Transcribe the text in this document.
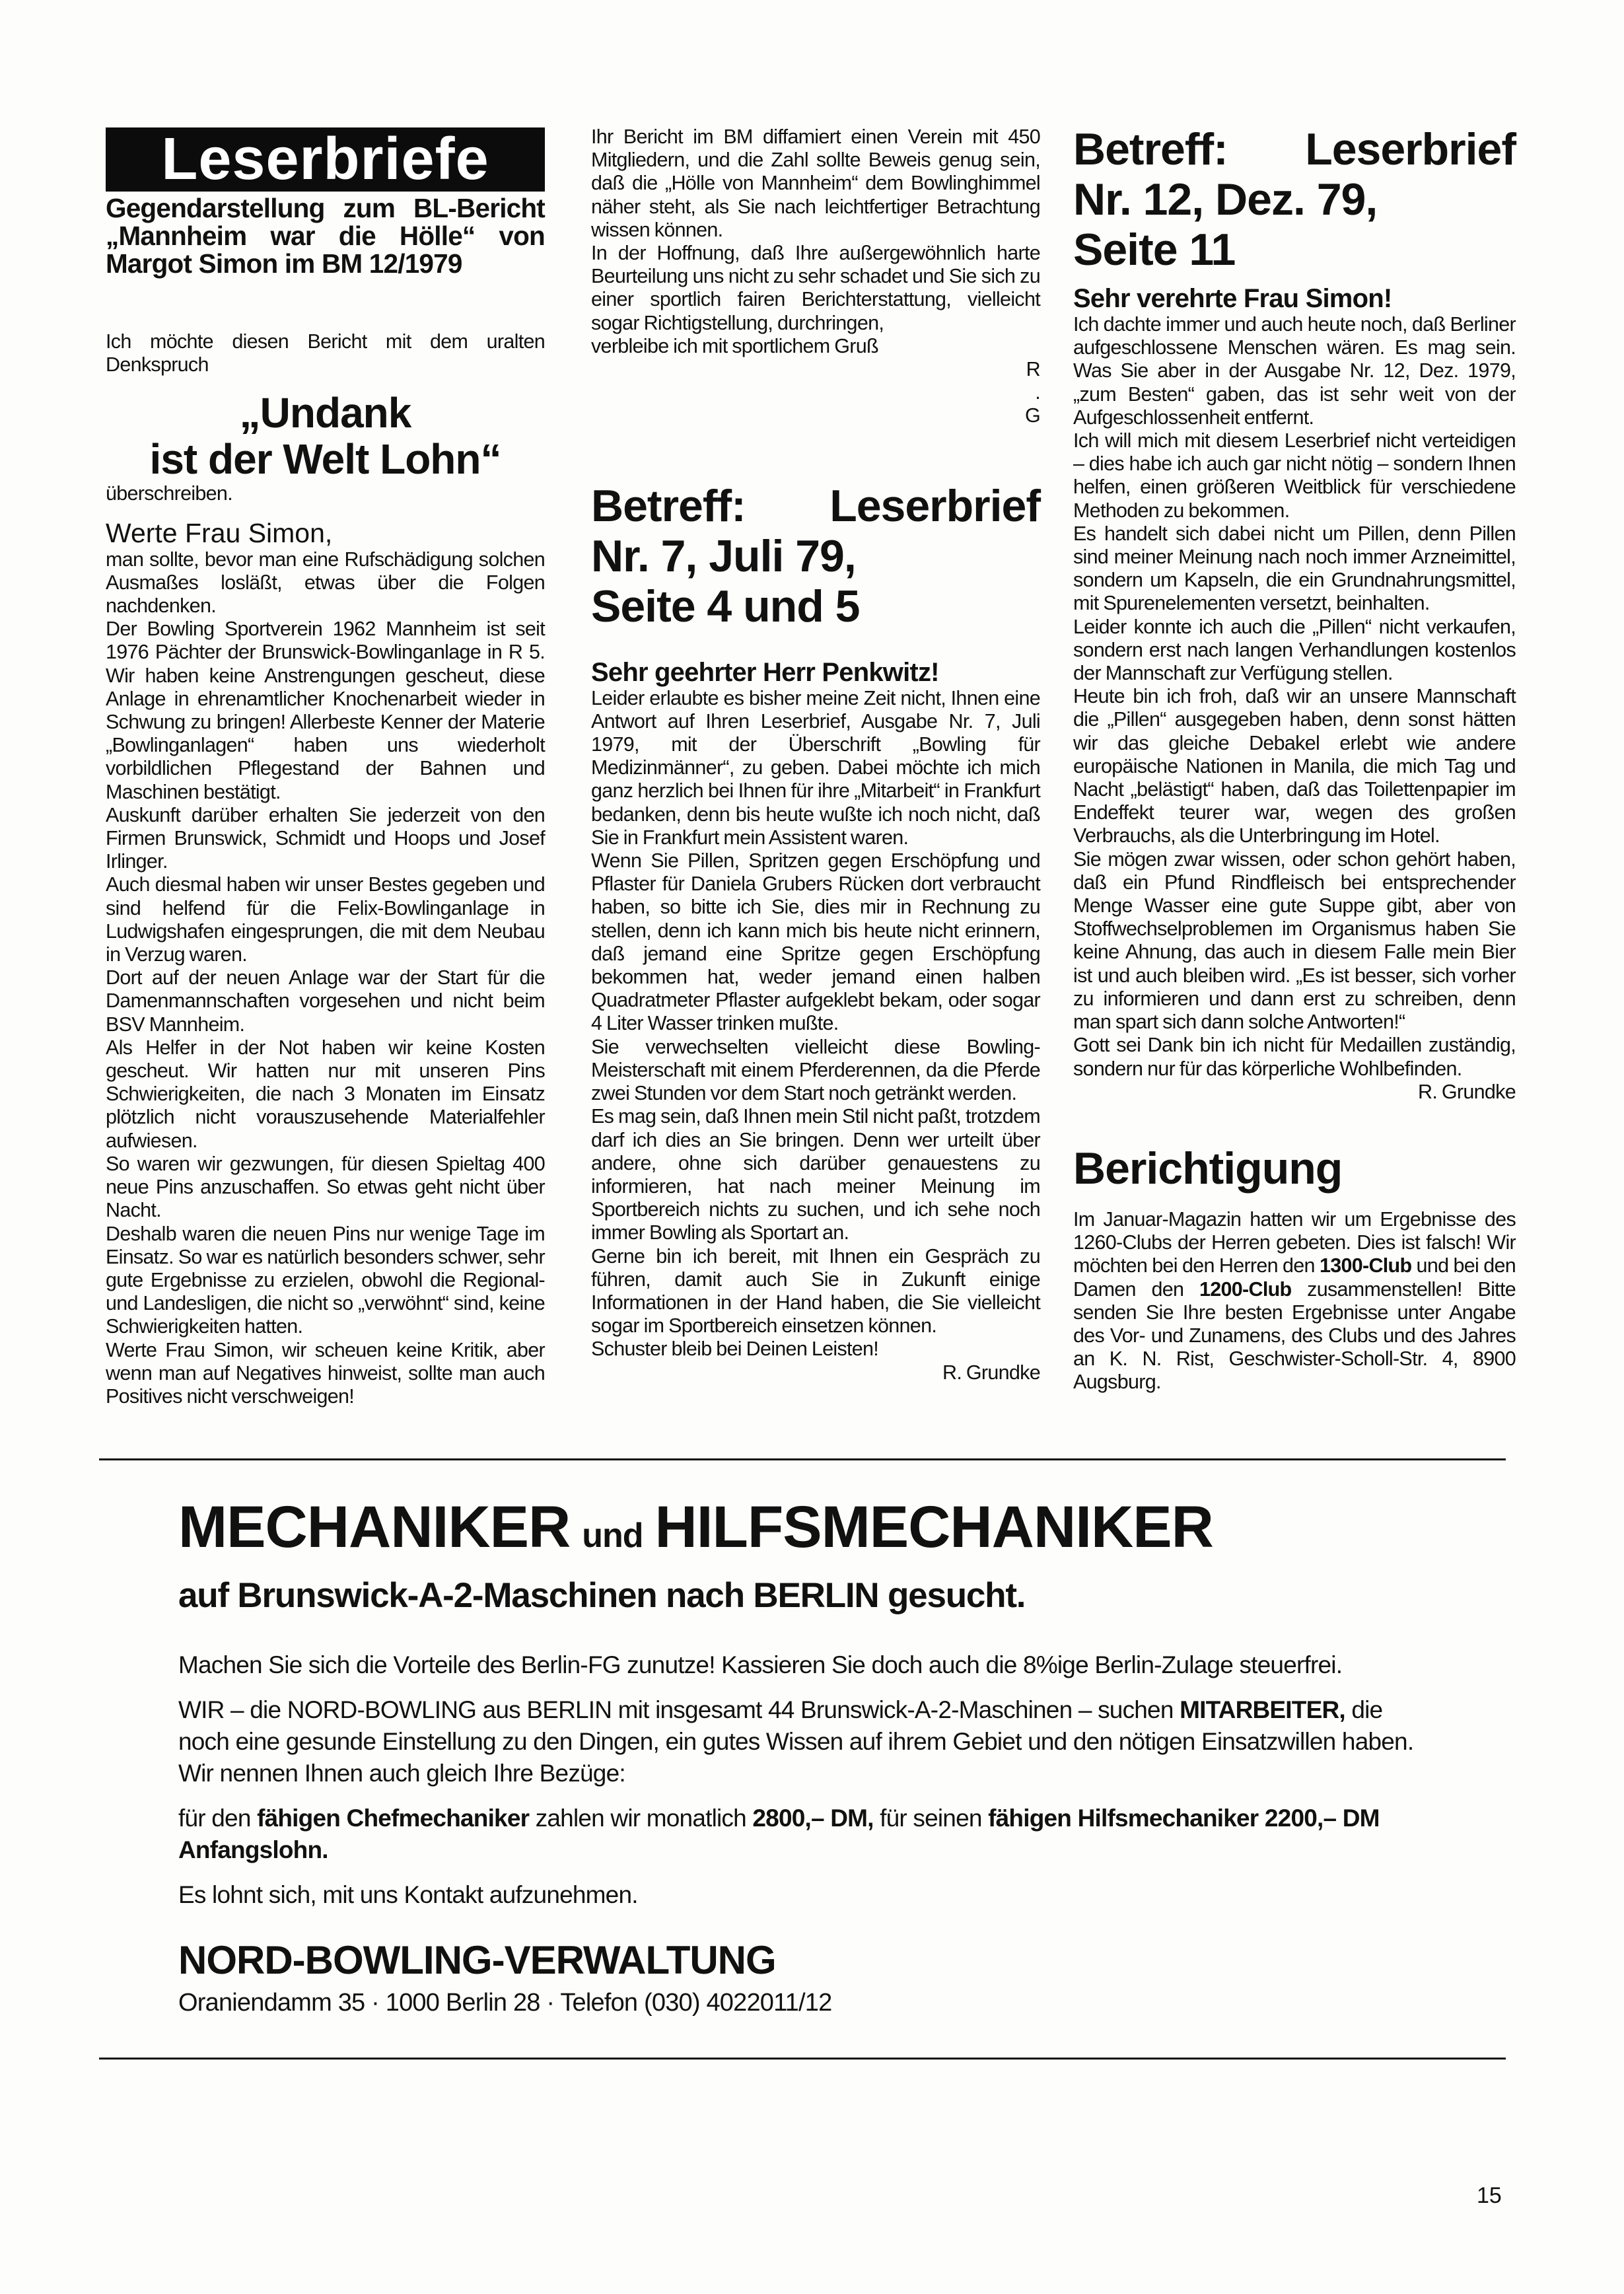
Leserbriefe
Gegendarstellung zum BL-Bericht „Mannheim war die Hölle“ von Margot Simon im BM 12/1979
Ich möchte diesen Bericht mit dem uralten Denkspruch
„Undank
ist der Welt Lohn“
überschreiben.
Werte Frau Simon,

man sollte, bevor man eine Rufschädigung solchen Ausmaßes losläßt, etwas über die Folgen nachdenken.

Der Bowling Sportverein 1962 Mannheim ist seit 1976 Pächter der Brunswick-Bowlinganlage in R 5. Wir haben keine Anstrengungen gescheut, diese Anlage in ehrenamtlicher Knochenarbeit wieder in Schwung zu bringen! Allerbeste Kenner der Materie „Bowlinganlagen“ haben uns wiederholt vorbildlichen Pflegestand der Bahnen und Maschinen bestätigt.

Auskunft darüber erhalten Sie jederzeit von den Firmen Brunswick, Schmidt und Hoops und Josef Irlinger.

Auch diesmal haben wir unser Bestes gegeben und sind helfend für die Felix-Bowlinganlage in Ludwigshafen eingesprungen, die mit dem Neubau in Verzug waren.

Dort auf der neuen Anlage war der Start für die Damenmannschaften vorgesehen und nicht beim BSV Mannheim.

Als Helfer in der Not haben wir keine Kosten gescheut. Wir hatten nur mit unseren Pins Schwierigkeiten, die nach 3 Monaten im Einsatz plötzlich nicht vorauszusehende Materialfehler aufwiesen.

So waren wir gezwungen, für diesen Spieltag 400 neue Pins anzuschaffen. So etwas geht nicht über Nacht.

Deshalb waren die neuen Pins nur wenige Tage im Einsatz. So war es natürlich besonders schwer, sehr gute Ergebnisse zu erzielen, obwohl die Regional- und Landesligen, die nicht so „verwöhnt“ sind, keine Schwierigkeiten hatten.

Werte Frau Simon, wir scheuen keine Kritik, aber wenn man auf Negatives hinweist, sollte man auch Positives nicht verschweigen!

Ihr Bericht im BM diffamiert einen Verein mit 450 Mitgliedern, und die Zahl sollte Beweis genug sein, daß die „Hölle von Mannheim“ dem Bowlinghimmel näher steht, als Sie nach leichtfertiger Betrachtung wissen können.

In der Hoffnung, daß Ihre außergewöhnlich harte Beurteilung uns nicht zu sehr schadet und Sie sich zu einer sportlich fairen Berichterstattung, vielleicht sogar Richtigstellung, durchringen,

verbleibe ich mit sportlichem Gruß

R
.
G
Betreff: Leserbrief
Nr. 7, Juli 79,
Seite 4 und 5
Sehr geehrter Herr Penkwitz!

Leider erlaubte es bisher meine Zeit nicht, Ihnen eine Antwort auf Ihren Leserbrief, Ausgabe Nr. 7, Juli 1979, mit der Überschrift „Bowling für Medizinmänner“, zu geben. Dabei möchte ich mich ganz herzlich bei Ihnen für ihre „Mitarbeit“ in Frankfurt bedanken, denn bis heute wußte ich noch nicht, daß Sie in Frankfurt mein Assistent waren.

Wenn Sie Pillen, Spritzen gegen Erschöpfung und Pflaster für Daniela Grubers Rücken dort verbraucht haben, so bitte ich Sie, dies mir in Rechnung zu stellen, denn ich kann mich bis heute nicht erinnern, daß jemand eine Spritze gegen Erschöpfung bekommen hat, weder jemand einen halben Quadratmeter Pflaster aufgeklebt bekam, oder sogar 4 Liter Wasser trinken mußte.

Sie verwechselten vielleicht diese Bowling-Meisterschaft mit einem Pferderennen, da die Pferde zwei Stunden vor dem Start noch getränkt werden.

Es mag sein, daß Ihnen mein Stil nicht paßt, trotzdem darf ich dies an Sie bringen. Denn wer urteilt über andere, ohne sich darüber genauestens zu informieren, hat nach meiner Meinung im Sportbereich nichts zu suchen, und ich sehe noch immer Bowling als Sportart an.

Gerne bin ich bereit, mit Ihnen ein Gespräch zu führen, damit auch Sie in Zukunft einige Informationen in der Hand haben, die Sie vielleicht sogar im Sportbereich einsetzen können.

Schuster bleib bei Deinen Leisten!

R. Grundke
Betreff: Leserbrief
Nr. 12, Dez. 79,
Seite 11
Sehr verehrte Frau Simon!

Ich dachte immer und auch heute noch, daß Berliner aufgeschlossene Menschen wären. Es mag sein. Was Sie aber in der Ausgabe Nr. 12, Dez. 1979, „zum Besten“ gaben, das ist sehr weit von der Aufgeschlossenheit entfernt.

Ich will mich mit diesem Leserbrief nicht verteidigen – dies habe ich auch gar nicht nötig – sondern Ihnen helfen, einen größeren Weitblick für verschiedene Methoden zu bekommen.

Es handelt sich dabei nicht um Pillen, denn Pillen sind meiner Meinung nach noch immer Arzneimittel, sondern um Kapseln, die ein Grundnahrungsmittel, mit Spurenelementen versetzt, beinhalten.

Leider konnte ich auch die „Pillen“ nicht verkaufen, sondern erst nach langen Verhandlungen kostenlos der Mannschaft zur Verfügung stellen.

Heute bin ich froh, daß wir an unsere Mannschaft die „Pillen“ ausgegeben haben, denn sonst hätten wir das gleiche Debakel erlebt wie andere europäische Nationen in Manila, die mich Tag und Nacht „belästigt“ haben, daß das Toilettenpapier im Endeffekt teurer war, wegen des großen Verbrauchs, als die Unterbringung im Hotel.

Sie mögen zwar wissen, oder schon gehört haben, daß ein Pfund Rindfleisch bei entsprechender Menge Wasser eine gute Suppe gibt, aber von Stoffwechselproblemen im Organismus haben Sie keine Ahnung, das auch in diesem Falle mein Bier ist und auch bleiben wird. „Es ist besser, sich vorher zu informieren und dann erst zu schreiben, denn man spart sich dann solche Antworten!“

Gott sei Dank bin ich nicht für Medaillen zuständig, sondern nur für das körperliche Wohlbefinden.

R. Grundke
Berichtigung
Im Januar-Magazin hatten wir um Ergebnisse des 1260-Clubs der Herren gebeten. Dies ist falsch! Wir möchten bei den Herren den 1300-Club und bei den Damen den 1200-Club zusammenstellen! Bitte senden Sie Ihre besten Ergebnisse unter Angabe des Vor- und Zunamens, des Clubs und des Jahres an K. N. Rist, Geschwister-Scholl-Str. 4, 8900 Augsburg.
MECHANIKER und HILFSMECHANIKER
auf Brunswick-A-2-Maschinen nach BERLIN gesucht.

Machen Sie sich die Vorteile des Berlin-FG zunutze! Kassieren Sie doch auch die 8%ige Berlin-Zulage steuerfrei.

WIR – die NORD-BOWLING aus BERLIN mit insgesamt 44 Brunswick-A-2-Maschinen – suchen MITARBEITER, die noch eine gesunde Einstellung zu den Dingen, ein gutes Wissen auf ihrem Gebiet und den nötigen Einsatzwillen haben. Wir nennen Ihnen auch gleich Ihre Bezüge:

für den fähigen Chefmechaniker zahlen wir monatlich 2800,– DM, für seinen fähigen Hilfsmechaniker 2200,– DM Anfangslohn.

Es lohnt sich, mit uns Kontakt aufzunehmen.

NORD-BOWLING-VERWALTUNG
Oraniendamm 35 · 1000 Berlin 28 · Telefon (030) 4022011/12
15
